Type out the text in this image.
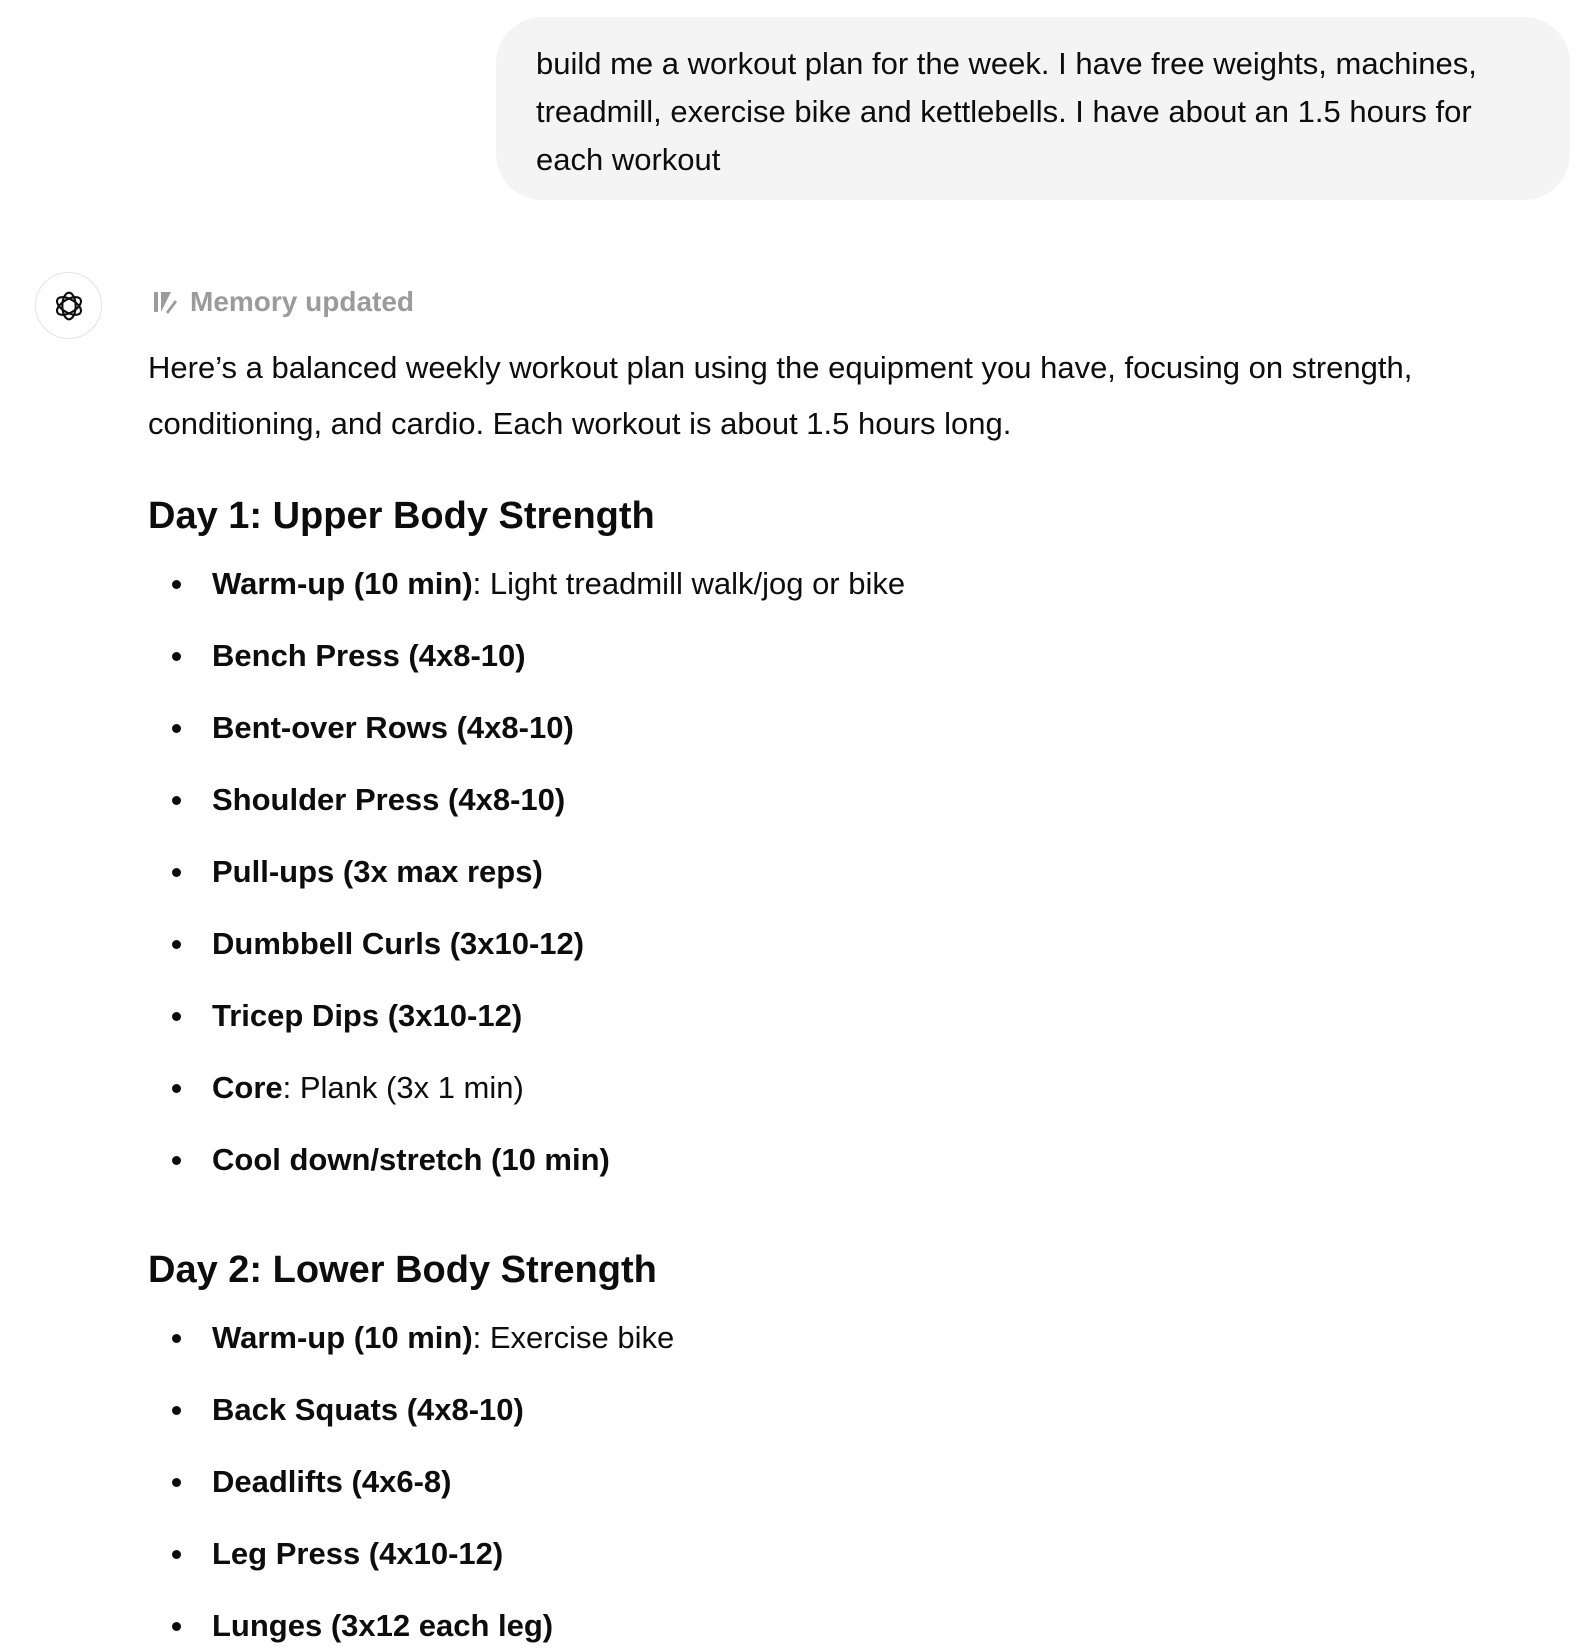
build me a workout plan for the week. I have free weights, machines, treadmill, exercise bike and kettlebells. I have about an 1.5 hours for each workout
Memory updated

Here’s a balanced weekly workout plan using the equipment you have, focusing on strength, conditioning, and cardio. Each workout is about 1.5 hours long.

Day 1: Upper Body Strength
Warm-up (10 min): Light treadmill walk/jog or bike
Bench Press (4x8-10)
Bent-over Rows (4x8-10)
Shoulder Press (4x8-10)
Pull-ups (3x max reps)
Dumbbell Curls (3x10-12)
Tricep Dips (3x10-12)
Core: Plank (3x 1 min)
Cool down/stretch (10 min)
Day 2: Lower Body Strength
Warm-up (10 min): Exercise bike
Back Squats (4x8-10)
Deadlifts (4x6-8)
Leg Press (4x10-12)
Lunges (3x12 each leg)
